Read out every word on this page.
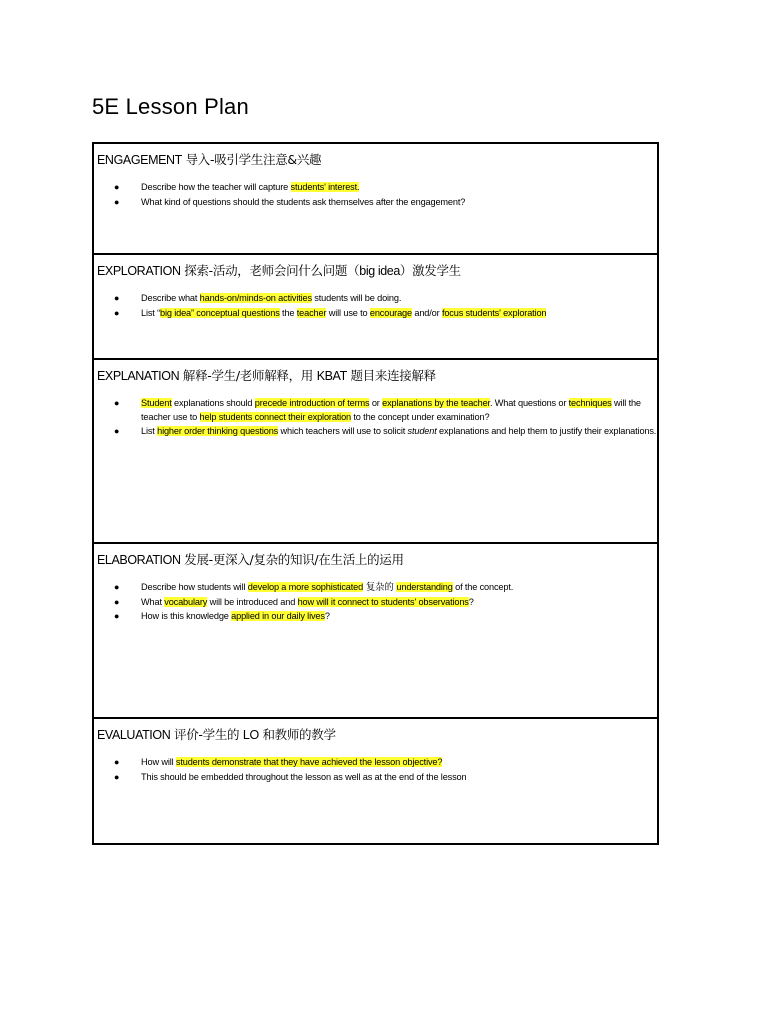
5E Lesson Plan
ENGAGEMENT 导入-吸引学生注意&兴趣
● Describe how the teacher will capture students' interest.
● What kind of questions should the students ask themselves after the engagement?
EXPLORATION 探索-活动，老师会问什么问题（big idea）激发学生
● Describe what hands-on/minds-on activities students will be doing.
● List “big idea” conceptual questions the teacher will use to encourage and/or focus students' exploration
EXPLANATION 解释-学生/老师解释，用 KBAT 题目来连接解释
● Student explanations should precede introduction of terms or explanations by the teacher. What questions or techniques will the teacher use to help students connect their exploration to the concept under examination?
● List higher order thinking questions which teachers will use to solicit student explanations and help them to justify their explanations.
ELABORATION 发展-更深入/复杂的知识/在生活上的运用
● Describe how students will develop a more sophisticated 复杂的 understanding of the concept.
● What vocabulary will be introduced and how will it connect to students' observations?
● How is this knowledge applied in our daily lives?
EVALUATION 评价-学生的 LO 和教师的教学
● How will students demonstrate that they have achieved the lesson objective?
● This should be embedded throughout the lesson as well as at the end of the lesson
